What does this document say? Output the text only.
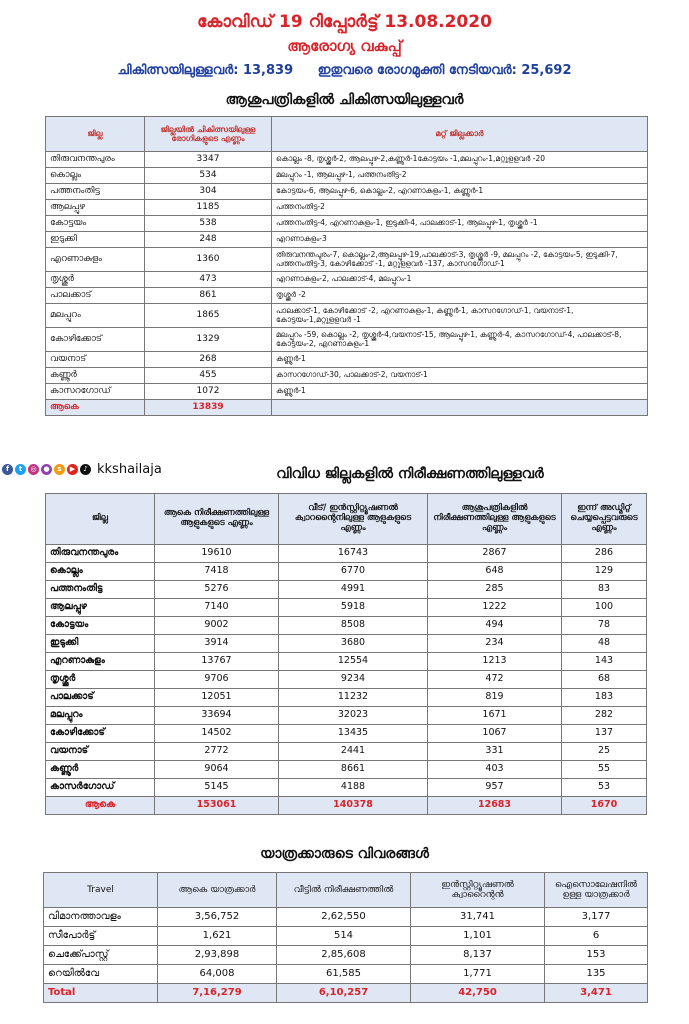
കോവിഡ് 19 റിപ്പോർട്ട് 13.08.2020
ആരോഗ്യ വകുപ്പ്
ചികിത്സയിലുള്ളവർ: 13,839 ഇതുവരെ രോഗമുക്തി നേടിയവർ: 25,692
ആശുപത്രികളിൽ ചികിത്സയിലുള്ളവർ
ജില്ല	ജില്ലയിൽ ചികിത്സയിലുള്ള രോഗികളുടെ എണ്ണം	മറ്റ് ജില്ലക്കാർ
തിരുവനന്തപുരം	3347	കൊല്ലം -8, തൃശ്ശൂർ-2, ആലപ്പുഴ-2,കണ്ണൂർ-1കോട്ടയം -1,മലപ്പുറം-1,മറ്റുളളവർ -20
കൊല്ലം	534	മലപ്പുറം -1, ആലപ്പുഴ-1, പത്തനംതിട്ട-2
പത്തനംതിട്ട	304	കോട്ടയം-6, ആലപ്പുഴ-6, കൊല്ലം-2, എറണാകുളം-1, കണ്ണൂർ-1
ആലപ്പുഴ	1185	പത്തനംതിട്ട-2
കോട്ടയം	538	പത്തനംതിട്ട-4, എറണാകുളം-1, ഇടുക്കി-4, പാലക്കാട്-1, ആലപ്പുഴ-1, തൃശ്ശൂർ -1
ഇടുക്കി	248	എറണാകുളം-3
എറണാകുളം	1360	തിരുവനന്തപുരം-7, കൊല്ലം-2,ആലപ്പുഴ-19,പാലക്കാട്-3, തൃശ്ശൂർ -9, മലപ്പുറം -2, കോട്ടയം-5, ഇടുക്കി-7, പത്തനംതിട്ട-3, കോഴിക്കോട് -1, മറ്റുളളവർ -137, കാസറഗോഡ്-1
തൃശ്ശൂർ	473	എറണാകുളം-2, പാലക്കാട്-4, മലപ്പുറം-1
പാലക്കാട്	861	തൃശ്ശൂർ -2
മലപ്പുറം	1865	പാലക്കാട്-1, കോഴിക്കോട് -2, എറണാകുളം-1, കണ്ണൂർ-1, കാസറഗോഡ്-1, വയനാട്-1, കോട്ടയം-1,മറ്റുളളവർ -1
കോഴിക്കോട്	1329	മലപ്പുറം -59, കൊല്ലം -2, തൃശ്ശൂർ-4,വയനാട്-15, ആലപ്പുഴ-1, കണ്ണൂർ-4, കാസറഗോഡ്-4, പാലക്കാട്-8, കോട്ടയം-2, എറണാകുളം-1
വയനാട്	268	കണ്ണൂർ-1
കണ്ണൂർ	455	കാസറഗോഡ്-30, പാലക്കാട്-2, വയനാട്-1
കാസറഗോഡ്	1072	കണ്ണൂർ-1
ആകെ	13839	
f	t	◎ ●	s	▶	♪ kkshailaja	വിവിധ ജില്ലകളിൽ നിരീക്ഷണത്തിലുള്ളവർ
ജില്ല	ആകെ നിരീക്ഷണത്തിലുള്ള ആളുകളുടെ എണ്ണം	വീട്/ ഇൻസ്റ്റിറ്റ്യൂഷണൽ ക്വാറന്റൈനിലുള്ള ആളുകളുടെ എണ്ണം	ആശുപത്രികളിൽ നിരീക്ഷണത്തിലുള്ള ആളുകളുടെ എണ്ണം	ഇന്ന് അഡ്മിറ്റ് ചെയ്യപ്പെട്ടവരുടെ എണ്ണം
തിരുവനന്തപുരം	19610	16743	2867	286
കൊല്ലം	7418	6770	648	129
പത്തനംതിട്ട	5276	4991	285	83
ആലപ്പുഴ	7140	5918	1222	100
കോട്ടയം	9002	8508	494	78
ഇടുക്കി	3914	3680	234	48
എറണാകുളം	13767	12554	1213	143
തൃശ്ശൂർ	9706	9234	472	68
പാലക്കാട്	12051	11232	819	183
മലപ്പുറം	33694	32023	1671	282
കോഴിക്കോട്	14502	13435	1067	137
വയനാട്	2772	2441	331	25
കണ്ണൂർ	9064	8661	403	55
കാസർഗോഡ്	5145	4188	957	53
ആകെ	153061	140378	12683	1670
യാത്രക്കാരുടെ വിവരങ്ങൾ
Travel	ആകെ യാത്രക്കാർ	വീട്ടിൽ നിരീക്ഷണത്തിൽ	ഇൻസ്റ്റിറ്റ്യൂഷണൽ ക്വാറൈന്റൻ	ഐസൊലേഷനിൽ ഉള്ള യാത്രക്കാർ
വിമാനത്താവളം	3,56,752	2,62,550	31,741	3,177
സീപോർട്ട്	1,621	514	1,101	6
ചെക്ക്പോസ്റ്റ്	2,93,898	2,85,608	8,137	153
റെയിൽവേ	64,008	61,585	1,771	135
Total	7,16,279	6,10,257	42,750	3,471
